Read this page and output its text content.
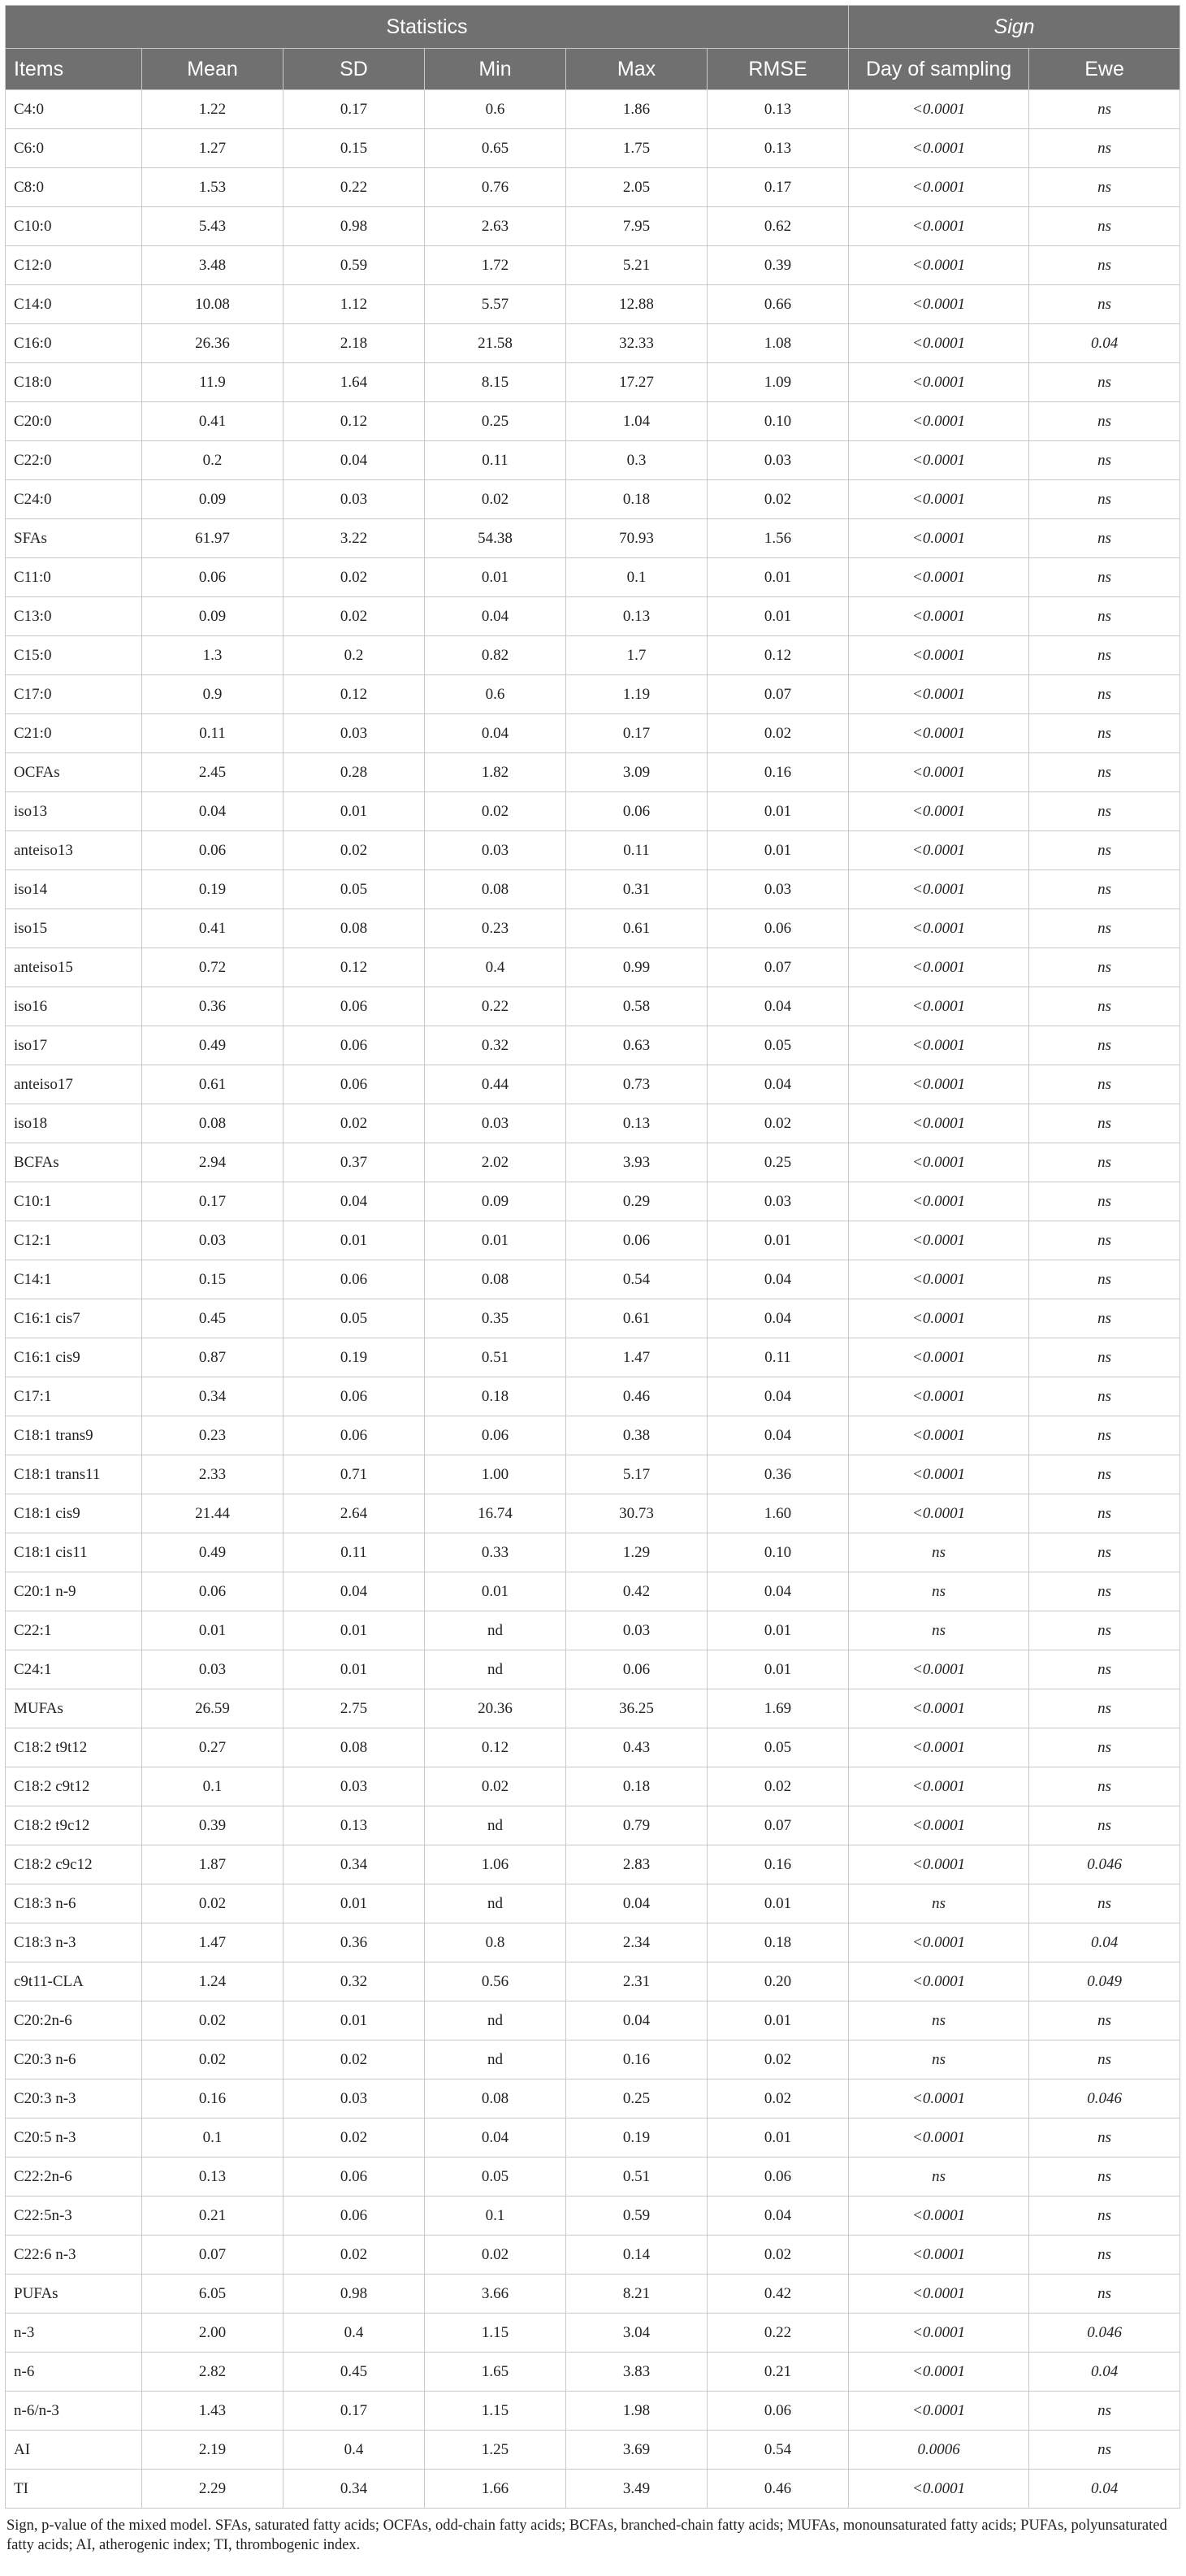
Statistics						Sign	
Items	Mean	SD	Min	Max	RMSE	Day of sampling	Ewe
C4:0	1.22	0.17	0.6	1.86	0.13	<0.0001	ns
C6:0	1.27	0.15	0.65	1.75	0.13	<0.0001	ns
C8:0	1.53	0.22	0.76	2.05	0.17	<0.0001	ns
C10:0	5.43	0.98	2.63	7.95	0.62	<0.0001	ns
C12:0	3.48	0.59	1.72	5.21	0.39	<0.0001	ns
C14:0	10.08	1.12	5.57	12.88	0.66	<0.0001	ns
C16:0	26.36	2.18	21.58	32.33	1.08	<0.0001	0.04
C18:0	11.9	1.64	8.15	17.27	1.09	<0.0001	ns
C20:0	0.41	0.12	0.25	1.04	0.10	<0.0001	ns
C22:0	0.2	0.04	0.11	0.3	0.03	<0.0001	ns
C24:0	0.09	0.03	0.02	0.18	0.02	<0.0001	ns
SFAs	61.97	3.22	54.38	70.93	1.56	<0.0001	ns
C11:0	0.06	0.02	0.01	0.1	0.01	<0.0001	ns
C13:0	0.09	0.02	0.04	0.13	0.01	<0.0001	ns
C15:0	1.3	0.2	0.82	1.7	0.12	<0.0001	ns
C17:0	0.9	0.12	0.6	1.19	0.07	<0.0001	ns
C21:0	0.11	0.03	0.04	0.17	0.02	<0.0001	ns
OCFAs	2.45	0.28	1.82	3.09	0.16	<0.0001	ns
iso13	0.04	0.01	0.02	0.06	0.01	<0.0001	ns
anteiso13	0.06	0.02	0.03	0.11	0.01	<0.0001	ns
iso14	0.19	0.05	0.08	0.31	0.03	<0.0001	ns
iso15	0.41	0.08	0.23	0.61	0.06	<0.0001	ns
anteiso15	0.72	0.12	0.4	0.99	0.07	<0.0001	ns
iso16	0.36	0.06	0.22	0.58	0.04	<0.0001	ns
iso17	0.49	0.06	0.32	0.63	0.05	<0.0001	ns
anteiso17	0.61	0.06	0.44	0.73	0.04	<0.0001	ns
iso18	0.08	0.02	0.03	0.13	0.02	<0.0001	ns
BCFAs	2.94	0.37	2.02	3.93	0.25	<0.0001	ns
C10:1	0.17	0.04	0.09	0.29	0.03	<0.0001	ns
C12:1	0.03	0.01	0.01	0.06	0.01	<0.0001	ns
C14:1	0.15	0.06	0.08	0.54	0.04	<0.0001	ns
C16:1 cis7	0.45	0.05	0.35	0.61	0.04	<0.0001	ns
C16:1 cis9	0.87	0.19	0.51	1.47	0.11	<0.0001	ns
C17:1	0.34	0.06	0.18	0.46	0.04	<0.0001	ns
C18:1 trans9	0.23	0.06	0.06	0.38	0.04	<0.0001	ns
C18:1 trans11	2.33	0.71	1.00	5.17	0.36	<0.0001	ns
C18:1 cis9	21.44	2.64	16.74	30.73	1.60	<0.0001	ns
C18:1 cis11	0.49	0.11	0.33	1.29	0.10	ns	ns
C20:1 n-9	0.06	0.04	0.01	0.42	0.04	ns	ns
C22:1	0.01	0.01	nd	0.03	0.01	ns	ns
C24:1	0.03	0.01	nd	0.06	0.01	<0.0001	ns
MUFAs	26.59	2.75	20.36	36.25	1.69	<0.0001	ns
C18:2 t9t12	0.27	0.08	0.12	0.43	0.05	<0.0001	ns
C18:2 c9t12	0.1	0.03	0.02	0.18	0.02	<0.0001	ns
C18:2 t9c12	0.39	0.13	nd	0.79	0.07	<0.0001	ns
C18:2 c9c12	1.87	0.34	1.06	2.83	0.16	<0.0001	0.046
C18:3 n-6	0.02	0.01	nd	0.04	0.01	ns	ns
C18:3 n-3	1.47	0.36	0.8	2.34	0.18	<0.0001	0.04
c9t11-CLA	1.24	0.32	0.56	2.31	0.20	<0.0001	0.049
C20:2n-6	0.02	0.01	nd	0.04	0.01	ns	ns
C20:3 n-6	0.02	0.02	nd	0.16	0.02	ns	ns
C20:3 n-3	0.16	0.03	0.08	0.25	0.02	<0.0001	0.046
C20:5 n-3	0.1	0.02	0.04	0.19	0.01	<0.0001	ns
C22:2n-6	0.13	0.06	0.05	0.51	0.06	ns	ns
C22:5n-3	0.21	0.06	0.1	0.59	0.04	<0.0001	ns
C22:6 n-3	0.07	0.02	0.02	0.14	0.02	<0.0001	ns
PUFAs	6.05	0.98	3.66	8.21	0.42	<0.0001	ns
n-3	2.00	0.4	1.15	3.04	0.22	<0.0001	0.046
n-6	2.82	0.45	1.65	3.83	0.21	<0.0001	0.04
n-6/n-3	1.43	0.17	1.15	1.98	0.06	<0.0001	ns
AI	2.19	0.4	1.25	3.69	0.54	0.0006	ns
TI	2.29	0.34	1.66	3.49	0.46	<0.0001	0.04
Sign, p-value of the mixed model. SFAs, saturated fatty acids; OCFAs, odd-chain fatty acids; BCFAs, branched-chain fatty acids; MUFAs, monounsaturated fatty acids; PUFAs, polyunsaturated fatty acids; AI, atherogenic index; TI, thrombogenic index.
